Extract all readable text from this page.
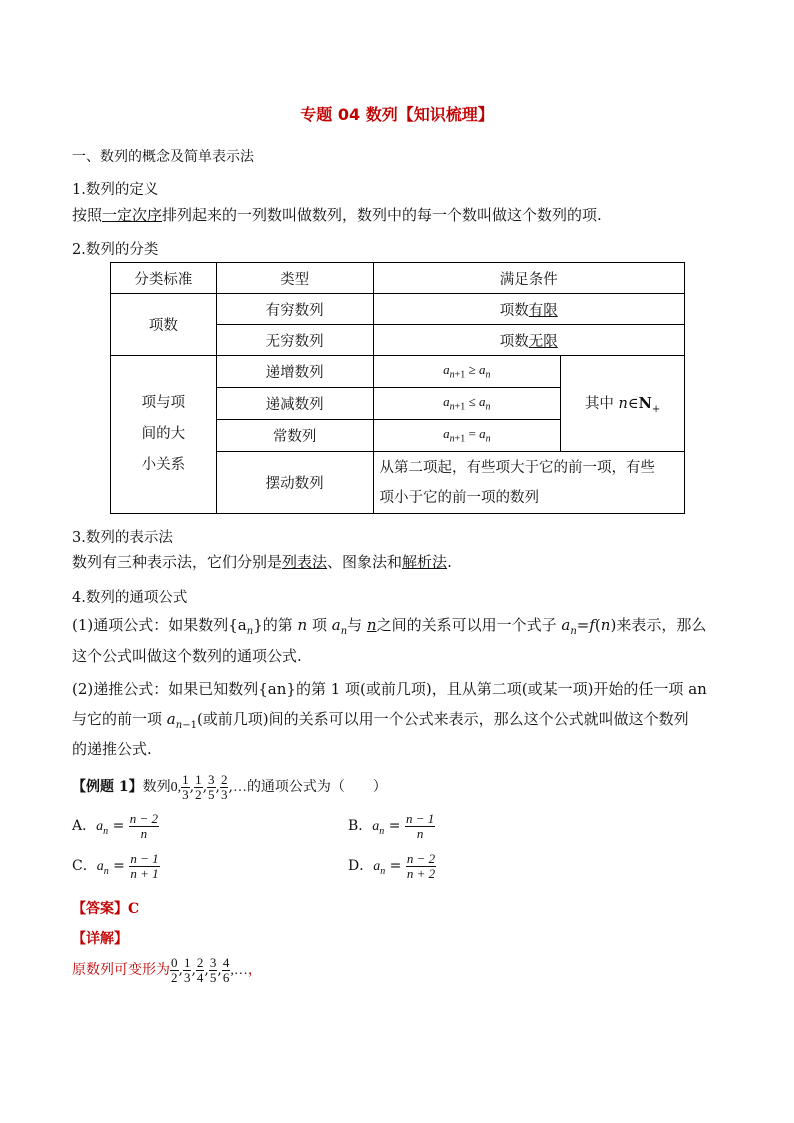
专题 04 数列【知识梳理】
一、数列的概念及简单表示法
1.数列的定义
按照一定次序排列起来的一列数叫做数列，数列中的每一个数叫做这个数列的项.
2.数列的分类
分类标准	类型	满足条件	
项数	有穷数列	项数有限	
	无穷数列	项数无限	

项与项
间的大
小关系	递增数列	$a_{n+1} \ge a_n$	其中 $n\in N_+$
	递减数列	$a_{n+1} \le a_n$
	常数列	$a_{n+1} = a_n$
	摆动数列	从第二项起，有些项大于它的前一项，有些
项小于它的前一项的数列	
3.数列的表示法
数列有三种表示法，它们分别是列表法、图象法和解析法.
4.数列的通项公式
(1)通项公式：如果数列$\{a_n\}$的第 n 项 $a_n$与 n之间的关系可以用一个式子 $a_n=f(n)$来表示，那么
这个公式叫做这个数列的通项公式.
(2)递推公式：如果已知数列{an}的第 1 项(或前几项)，且从第二项(或某一项)开始的任一项 an
与它的前一项 $a_{n-1}$(或前几项)间的关系可以用一个公式来表示，那么这个公式就叫做这个数列
的递推公式.
【例题 1】数列0, $\frac{1}{3}$ , $\frac{1}{2}$ , $\frac{3}{5}$ , $\frac{2}{3}$ ,…的通项公式为（　　）
A．$a_n = \frac{n - 2}{n}$	B．$a_n = \frac{n - 1}{n}$
C．$a_n = \frac{n - 1}{n + 1}$	D．$a_n = \frac{n - 2}{n + 2}$
【答案】C
【详解】
原数列可变形为 $\frac{0}{2}$ , $\frac{1}{3}$ , $\frac{2}{4}$ , $\frac{3}{5}$ , $\frac{4}{6}$ ,…，
